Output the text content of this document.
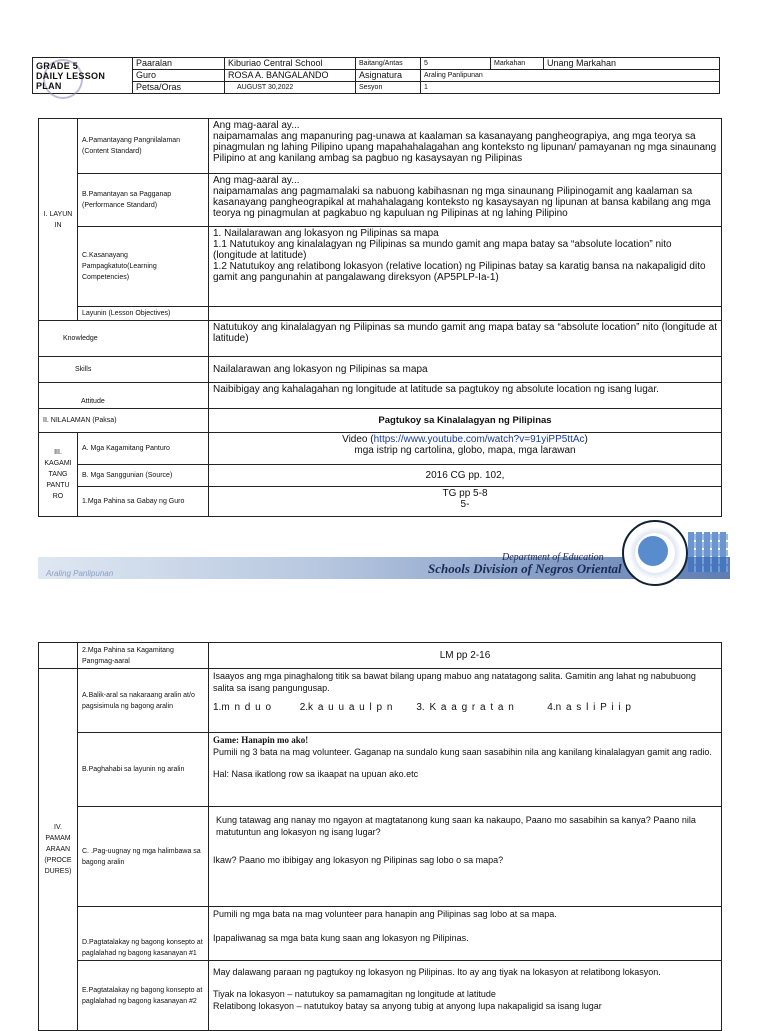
GRADE 5
DAILY LESSON
PLAN	Paaralan	Kiburiao Central School	Baitang/Antas	5	Markahan	Unang Markahan
	Guro	ROSA A. BANGALANDO	Asignatura	Araling Panlipunan		
	Petsa/Oras	AUGUST 30,2022	Sesyon	1		
I. LAYUN IN	A.Pamantayang Pangnilalaman (Content Standard)	Ang mag-aaral ay...
naipamamalas ang mapanuring pag-unawa at kaalaman sa kasanayang pangheograpiya, ang mga teorya sa pinagmulan ng lahing Pilipino upang mapahahalagahan ang konteksto ng lipunan/ pamayanan ng mga sinaunang Pilipino at ang kanilang ambag sa pagbuo ng kasaysayan ng Pilipinas

	B.Pamantayan sa Pagganap (Performance Standard)	Ang mag-aaral ay...
naipamamalas ang pagmamalaki sa nabuong kabihasnan ng mga sinaunang Pilipinogamit ang kaalaman sa kasanayang pangheograpikal at mahahalagang konteksto ng kasaysayan ng lipunan at bansa kabilang ang mga teorya ng pinagmulan at pagkabuo ng kapuluan ng Pilipinas at ng lahing Pilipino

	C.Kasanayang Pampagkatuto(Learning Competencies)	1. Nailalarawan ang lokasyon ng Pilipinas sa mapa
1.1 Natutukoy ang kinalalagyan ng Pilipinas sa mundo gamit ang mapa batay sa “absolute location” nito (longitude at latitude)
1.2 Natutukoy ang relatibong lokasyon (relative location) ng Pilipinas batay sa karatig bansa na nakapaligid dito gamit ang pangunahin at pangalawang direksyon (AP5PLP-Ia-1)

	Layunin (Lesson Objectives)	
Knowledge		Natutukoy ang kinalalagyan ng Pilipinas sa mundo gamit ang mapa batay sa “absolute location” nito (longitude at latitude)
Skills		Nailalarawan ang lokasyon ng Pilipinas sa mapa
Attitude		Naibibigay ang kahalagahan ng longitude at latitude sa pagtukoy ng absolute location ng isang lugar.
II. NILALAMAN (Paksa)		Pagtukoy sa Kinalalagyan ng Pilipinas
III. KAGAMI TANG PANTU RO	A. Mga Kagamitang Panturo	Video (https://www.youtube.com/watch?v=91yiPP5ttAc)
mga istrip ng cartolina, globo, mapa, mga larawan

	B. Mga Sanggunian (Source)	2016 CG pp. 102,
	1.Mga Pahina sa Gabay ng Guro	TG pp 5-8
5-
Araling Panlipunan
Department of Education
Schools Division of Negros Oriental
	2.Mga Pahina sa Kagamitang Pangmag-aaral	LM pp 2-16
IV. PAMAM ARAAN (PROCE DURES)	A.Balik-aral sa nakaraang aralin at/o pagsisimula ng bagong aralin	Isaayos ang mga pinaghalong titik sa bawat bilang upang mabuo ang natatagong salita. Gamitin ang lahat ng nabubuong salita sa isang pangungusap.
1.m n d u o 2.k a u u a u l p n 3. K a a g r a t a n 4.n a s l i P i i p

	B.Paghahabi sa layunin ng aralin	Game: Hanapin mo ako!
Pumili ng 3 bata na mag volunteer. Gaganap na sundalo kung saan sasabihin nila ang kanilang kinalalagyan gamit ang radio.
Hal: Nasa ikatlong row sa ikaapat na upuan ako.etc

	C. .Pag-uugnay ng mga halimbawa sa bagong aralin	Kung tatawag ang nanay mo ngayon at magtatanong kung saan ka nakaupo, Paano mo sasabihin sa kanya? Paano nila matutuntun ang lokasyon ng isang lugar?
Ikaw? Paano mo ibibigay ang lokasyon ng Pilipinas sag lobo o sa mapa?

	D.Pagtatalakay ng bagong konsepto at paglalahad ng bagong kasanayan #1	Pumili ng mga bata na mag volunteer para hanapin ang Pilipinas sag lobo at sa mapa.
Ipapaliwanag sa mga bata kung saan ang lokasyon ng Pilipinas.

	E.Pagtatalakay ng bagong konsepto at paglalahad ng bagong kasanayan #2	May dalawang paraan ng pagtukoy ng lokasyon ng Pilipinas. Ito ay ang tiyak na lokasyon at relatibong lokasyon.
Tiyak na lokasyon – natutukoy sa pamamagitan ng longitude at latitude
Relatibong lokasyon – natutukoy batay sa anyong tubig at anyong lupa nakapaligid sa isang lugar
